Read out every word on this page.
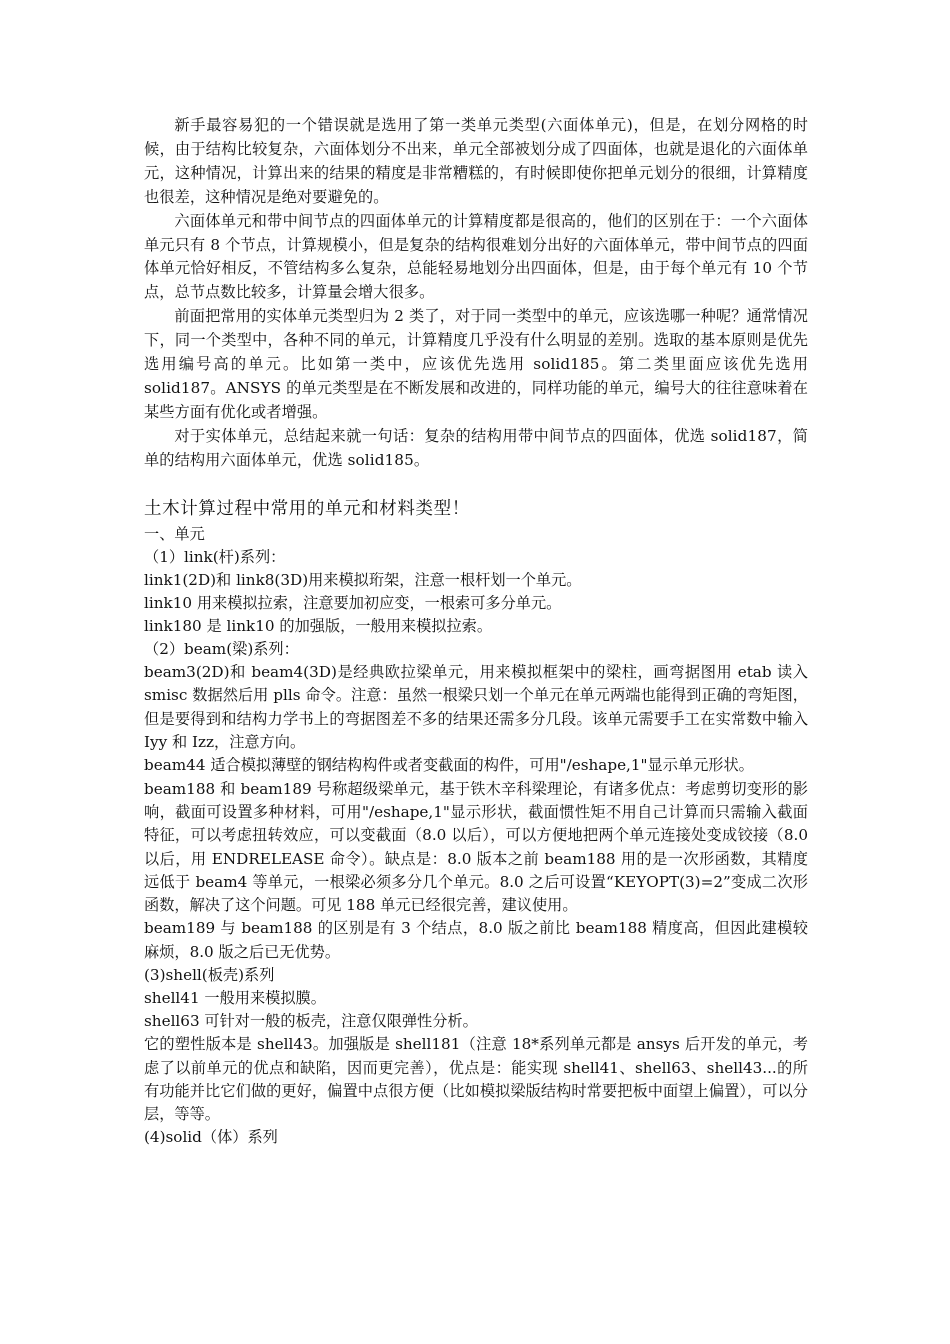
新手最容易犯的一个错误就是选用了第一类单元类型(六面体单元)，但是，在划分网格的时候，由于结构比较复杂，六面体划分不出来，单元全部被划分成了四面体，也就是退化的六面体单元，这种情况，计算出来的结果的精度是非常糟糕的，有时候即使你把单元划分的很细，计算精度也很差，这种情况是绝对要避免的。

六面体单元和带中间节点的四面体单元的计算精度都是很高的，他们的区别在于：一个六面体单元只有 8 个节点，计算规模小，但是复杂的结构很难划分出好的六面体单元，带中间节点的四面体单元恰好相反，不管结构多么复杂，总能轻易地划分出四面体，但是，由于每个单元有 10 个节点，总节点数比较多，计算量会增大很多。

前面把常用的实体单元类型归为 2 类了，对于同一类型中的单元，应该选哪一种呢？通常情况下，同一个类型中，各种不同的单元，计算精度几乎没有什么明显的差别。选取的基本原则是优先选用编号高的单元。比如第一类中，应该优先选用 solid185。第二类里面应该优先选用 solid187。ANSYS 的单元类型是在不断发展和改进的，同样功能的单元，编号大的往往意味着在某些方面有优化或者增强。

对于实体单元，总结起来就一句话：复杂的结构用带中间节点的四面体，优选 solid187，简单的结构用六面体单元，优选 solid185。

土木计算过程中常用的单元和材料类型！

一、单元

（1）link(杆)系列：

link1(2D)和 link8(3D)用来模拟珩架，注意一根杆划一个单元。

link10 用来模拟拉索，注意要加初应变，一根索可多分单元。

link180 是 link10 的加强版，一般用来模拟拉索。

（2）beam(梁)系列：

beam3(2D)和 beam4(3D)是经典欧拉梁单元，用来模拟框架中的梁柱，画弯据图用 etab 读入 smisc 数据然后用 plls 命令。注意：虽然一根梁只划一个单元在单元两端也能得到正确的弯矩图，但是要得到和结构力学书上的弯据图差不多的结果还需多分几段。该单元需要手工在实常数中输入 Iyy 和 Izz，注意方向。

beam44 适合模拟薄壁的钢结构构件或者变截面的构件，可用"/eshape,1"显示单元形状。

beam188 和 beam189 号称超级梁单元，基于铁木辛科梁理论，有诸多优点：考虑剪切变形的影响，截面可设置多种材料，可用"/eshape,1"显示形状，截面惯性矩不用自己计算而只需输入截面特征，可以考虑扭转效应，可以变截面（8.0 以后），可以方便地把两个单元连接处变成铰接（8.0 以后，用 ENDRELEASE 命令）。缺点是：8.0 版本之前 beam188 用的是一次形函数，其精度远低于 beam4 等单元，一根梁必须多分几个单元。8.0 之后可设置“KEYOPT(3)=2”变成二次形函数，解决了这个问题。可见 188 单元已经很完善，建议使用。

beam189 与 beam188 的区别是有 3 个结点，8.0 版之前比 beam188 精度高，但因此建模较麻烦，8.0 版之后已无优势。

(3)shell(板壳)系列

shell41 一般用来模拟膜。

shell63 可针对一般的板壳，注意仅限弹性分析。

它的塑性版本是 shell43。加强版是 shell181（注意 18*系列单元都是 ansys 后开发的单元，考虑了以前单元的优点和缺陷，因而更完善），优点是：能实现 shell41、shell63、shell43...的所有功能并比它们做的更好，偏置中点很方便（比如模拟梁版结构时常要把板中面望上偏置），可以分层，等等。

(4)solid（体）系列
